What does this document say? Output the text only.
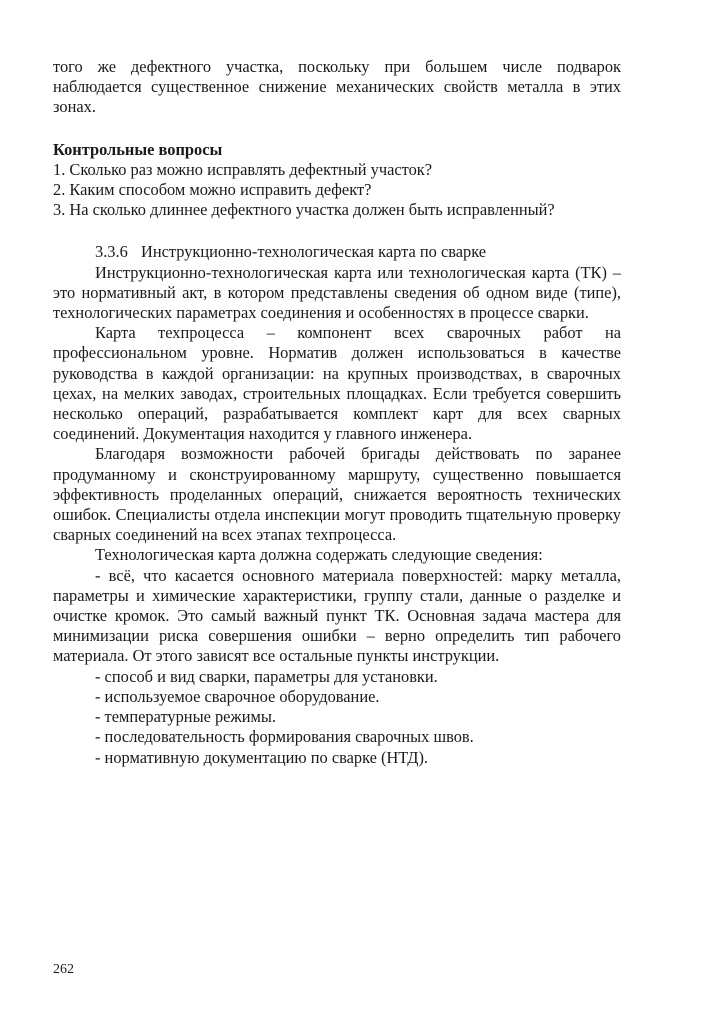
того же дефектного участка, поскольку при большем числе подварок наблюдается существенное снижение механических свойств металла в этих зонах.

Контрольные вопросы

1. Сколько раз можно исправлять дефектный участок?

2. Каким способом можно исправить дефект?

3. На сколько длиннее дефектного участка должен быть исправленный?

3.3.6 Инструкционно-технологическая карта по сварке

Инструкционно-технологическая карта или технологическая карта (ТК) – это нормативный акт, в котором представлены сведения об одном виде (типе), технологических параметрах соединения и особенностях в процессе сварки.

Карта техпроцесса – компонент всех сварочных работ на профессиональном уровне. Норматив должен использоваться в качестве руководства в каждой организации: на крупных производствах, в сварочных цехах, на мелких заводах, строительных площадках. Если требуется совершить несколько операций, разрабатывается комплект карт для всех сварных соединений. Документация находится у главного инженера.

Благодаря возможности рабочей бригады действовать по заранее продуманному и сконструированному маршруту, существенно повышается эффективность проделанных операций, снижается вероятность технических ошибок. Специалисты отдела инспекции могут проводить тщательную проверку сварных соединений на всех этапах техпроцесса.

Технологическая карта должна содержать следующие сведения:

- всё, что касается основного материала поверхностей: марку металла, параметры и химические характеристики, группу стали, данные о разделке и очистке кромок. Это самый важный пункт ТК. Основная задача мастера для минимизации риска совершения ошибки – верно определить тип рабочего материала. От этого зависят все остальные пункты инструкции.

- способ и вид сварки, параметры для установки.

- используемое сварочное оборудование.

- температурные режимы.

- последовательность формирования сварочных швов.

- нормативную документацию по сварке (НТД).

262
